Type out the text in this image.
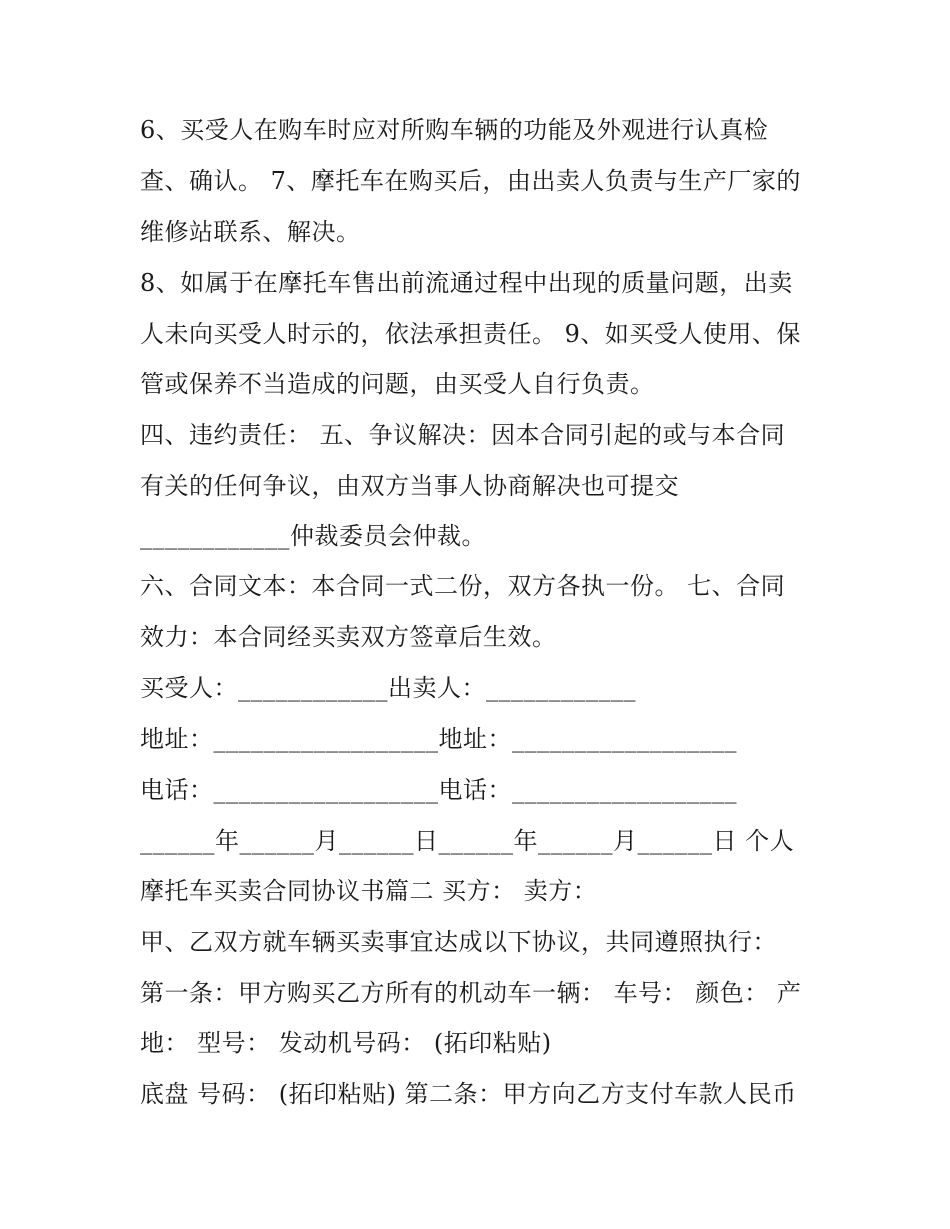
6、买受人在购车时应对所购车辆的功能及外观进行认真检
查、确认。 7、摩托车在购买后，由出卖人负责与生产厂家的
维修站联系、解决。
8、如属于在摩托车售出前流通过程中出现的质量问题，出卖
人未向买受人时示的，依法承担责任。 9、如买受人使用、保
管或保养不当造成的问题，由买受人自行负责。
四、违约责任： 五、争议解决：因本合同引起的或与本合同
有关的任何争议，由双方当事人协商解决也可提交
____________仲裁委员会仲裁。
六、合同文本：本合同一式二份，双方各执一份。 七、合同
效力：本合同经买卖双方签章后生效。
买受人：____________出卖人：____________
地址：__________________地址：__________________
电话：__________________电话：__________________
______年______月______日______年______月______日 个人
摩托车买卖合同协议书篇二 买方： 卖方：
甲、乙双方就车辆买卖事宜达成以下协议，共同遵照执行：
第一条：甲方购买乙方所有的机动车一辆： 车号： 颜色： 产
地： 型号： 发动机号码： (拓印粘贴)
底盘 号码： (拓印粘贴) 第二条：甲方向乙方支付车款人民币
